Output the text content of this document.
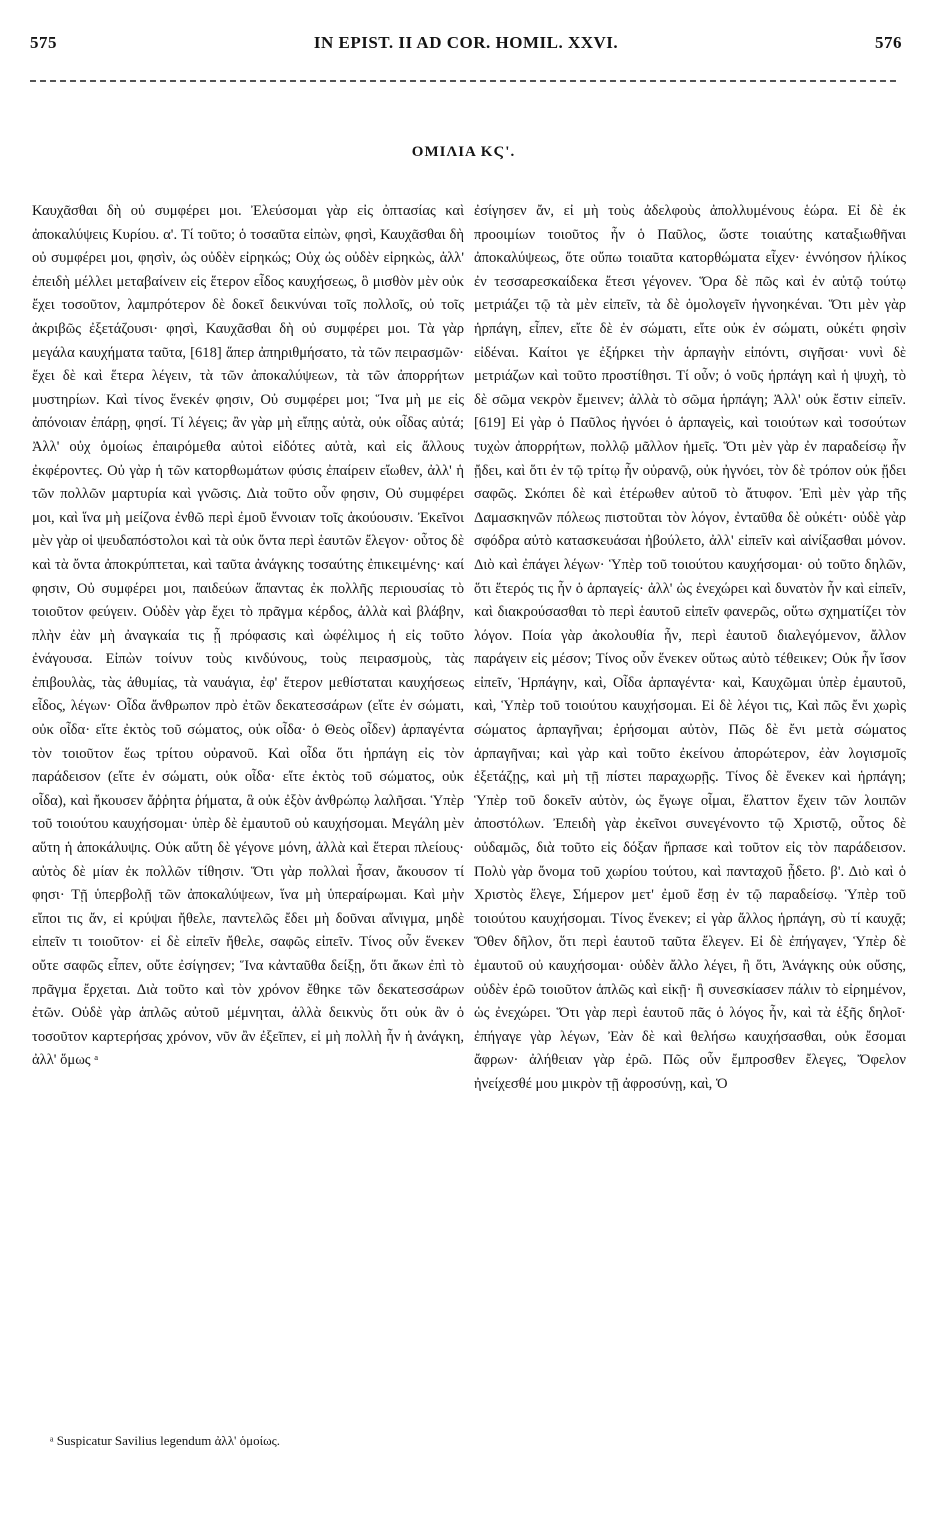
575	IN EPIST. II AD COR. HOMIL. XXVI.	576
ΟΜΙΛΙΑ ΚϚ'.

Καυχᾶσθαι δὴ οὐ συμφέρει μοι. Ἐλεύσομαι γὰρ εἰς ὀπτασίας καὶ ἀποκαλύψεις Κυρίου. α'. Τί τοῦτο; ὁ τοσαῦτα εἰπὼν, φησὶ, Καυχᾶσθαι δὴ οὐ συμφέρει μοι, φησὶν, ὡς οὐδὲν εἰρηκώς; Οὐχ ὡς οὐδὲν εἰρηκὼς, ἀλλ' ἐπειδὴ μέλλει μεταβαίνειν εἰς ἕτερον εἶδος καυχήσεως, ὃ μισθὸν μὲν οὐκ ἔχει τοσοῦτον, λαμπρότερον δὲ δοκεῖ δεικνύναι τοῖς πολλοῖς, οὐ τοῖς ἀκριβῶς ἐξετάζουσι· φησὶ, Καυχᾶσθαι δὴ οὐ συμφέρει μοι. Τὰ γὰρ μεγάλα καυχήματα ταῦτα, [618] ἅπερ ἀπηριθμήσατο, τὰ τῶν πειρασμῶν· ἔχει δὲ καὶ ἕτερα λέγειν, τὰ τῶν ἀποκαλύψεων, τὰ τῶν ἀπορρήτων μυστηρίων. Καὶ τίνος ἕνεκέν φησιν, Οὐ συμφέρει μοι; Ἵνα μὴ με εἰς ἀπόνοιαν ἐπάρῃ, φησί. Τί λέγεις; ἂν γὰρ μὴ εἴπῃς αὐτὰ, οὐκ οἶδας αὐτά; Ἀλλ' οὐχ ὁμοίως ἐπαιρόμεθα αὐτοὶ εἰδότες αὐτὰ, καὶ εἰς ἄλλους ἐκφέροντες. Οὐ γὰρ ἡ τῶν κατορθωμάτων φύσις ἐπαίρειν εἴωθεν, ἀλλ' ἡ τῶν πολλῶν μαρτυρία καὶ γνῶσις. Διὰ τοῦτο οὖν φησιν, Οὐ συμφέρει μοι, καὶ ἵνα μὴ μείζονα ἐνθῶ περὶ ἐμοῦ ἔννοιαν τοῖς ἀκούουσιν. Ἐκεῖνοι μὲν γὰρ οἱ ψευδαπόστολοι καὶ τὰ οὐκ ὄντα περὶ ἑαυτῶν ἔλεγον· οὗτος δὲ καὶ τὰ ὄντα ἀποκρύπτεται, καὶ ταῦτα ἀνάγκης τοσαύτης ἐπικειμένης· καί φησιν, Οὐ συμφέρει μοι, παιδεύων ἅπαντας ἐκ πολλῆς περιουσίας τὸ τοιοῦτον φεύγειν. Οὐδὲν γὰρ ἔχει τὸ πρᾶγμα κέρδος, ἀλλὰ καὶ βλάβην, πλὴν ἐὰν μὴ ἀναγκαία τις ᾖ πρόφασις καὶ ὠφέλιμος ἡ εἰς τοῦτο ἐνάγουσα. Εἰπὼν τοίνυν τοὺς κινδύνους, τοὺς πειρασμοὺς, τὰς ἐπιβουλὰς, τὰς ἀθυμίας, τὰ ναυάγια, ἐφ' ἕτερον μεθίσταται καυχήσεως εἶδος, λέγων· Οἶδα ἄνθρωπον πρὸ ἐτῶν δεκατεσσάρων (εἴτε ἐν σώματι, οὐκ οἶδα· εἴτε ἐκτὸς τοῦ σώματος, οὐκ οἶδα· ὁ Θεὸς οἶδεν) ἁρπαγέντα τὸν τοιοῦτον ἕως τρίτου οὐρανοῦ. Καὶ οἶδα ὅτι ἡρπάγη εἰς τὸν παράδεισον (εἴτε ἐν σώματι, οὐκ οἶδα· εἴτε ἐκτὸς τοῦ σώματος, οὐκ οἶδα), καὶ ἤκουσεν ἄῤῥητα ῥήματα, ἃ οὐκ ἐξὸν ἀνθρώπῳ λαλῆσαι. Ὑπὲρ τοῦ τοιούτου καυχήσομαι· ὑπὲρ δὲ ἐμαυτοῦ οὐ καυχήσομαι. Μεγάλη μὲν αὕτη ἡ ἀποκάλυψις. Οὐκ αὕτη δὲ γέγονε μόνη, ἀλλὰ καὶ ἕτεραι πλείους· αὐτὸς δὲ μίαν ἐκ πολλῶν τίθησιν. Ὅτι γὰρ πολλαὶ ἦσαν, ἄκουσον τί φησι· Τῇ ὑπερβολῇ τῶν ἀποκαλύψεων, ἵνα μὴ ὑπεραίρωμαι. Καὶ μὴν εἴποι τις ἄν, εἰ κρύψαι ἤθελε, παντελῶς ἔδει μὴ δοῦναι αἴνιγμα, μηδὲ εἰπεῖν τι τοιοῦτον· εἰ δὲ εἰπεῖν ἤθελε, σαφῶς εἰπεῖν. Τίνος οὖν ἕνεκεν οὔτε σαφῶς εἶπεν, οὔτε ἐσίγησεν; Ἵνα κἀνταῦθα δείξῃ, ὅτι ἄκων ἐπὶ τὸ πρᾶγμα ἔρχεται. Διὰ τοῦτο καὶ τὸν χρόνον ἔθηκε τῶν δεκατεσσάρων ἐτῶν. Οὐδὲ γὰρ ἁπλῶς αὐτοῦ μέμνηται, ἀλλὰ δεικνὺς ὅτι οὐκ ἂν ὁ τοσοῦτον καρτερήσας χρόνον, νῦν ἂν ἐξεῖπεν, εἰ μὴ πολλὴ ἦν ἡ ἀνάγκη, ἀλλ' ὅμως ᵃ

ἐσίγησεν ἄν, εἰ μὴ τοὺς ἀδελφοὺς ἀπολλυμένους ἑώρα. Εἰ δὲ ἐκ προοιμίων τοιοῦτος ἦν ὁ Παῦλος, ὥστε τοιαύτης καταξιωθῆναι ἀποκαλύψεως, ὅτε οὔπω τοιαῦτα κατορθώματα εἶχεν· ἐννόησον ἡλίκος ἐν τεσσαρεσκαίδεκα ἔτεσι γέγονεν. Ὅρα δὲ πῶς καὶ ἐν αὐτῷ τούτῳ μετριάζει τῷ τὰ μὲν εἰπεῖν, τὰ δὲ ὁμολογεῖν ἠγνοηκέναι. Ὅτι μὲν γὰρ ἡρπάγη, εἶπεν, εἴτε δὲ ἐν σώματι, εἴτε οὐκ ἐν σώματι, οὐκέτι φησὶν εἰδέναι. Καίτοι γε ἐξήρκει τὴν ἁρπαγὴν εἰπόντι, σιγῆσαι· νυνὶ δὲ μετριάζων καὶ τοῦτο προστίθησι. Τί οὖν; ὁ νοῦς ἡρπάγη καὶ ἡ ψυχὴ, τὸ δὲ σῶμα νεκρὸν ἔμεινεν; ἀλλὰ τὸ σῶμα ἡρπάγη; Ἀλλ' οὐκ ἔστιν εἰπεῖν. [619] Εἰ γὰρ ὁ Παῦλος ἠγνόει ὁ ἁρπαγεὶς, καὶ τοιούτων καὶ τοσούτων τυχὼν ἀπορρήτων, πολλῷ μᾶλλον ἡμεῖς. Ὅτι μὲν γὰρ ἐν παραδείσῳ ἦν ᾔδει, καὶ ὅτι ἐν τῷ τρίτῳ ἦν οὐρανῷ, οὐκ ἠγνόει, τὸν δὲ τρόπον οὐκ ᾔδει σαφῶς. Σκόπει δὲ καὶ ἑτέρωθεν αὐτοῦ τὸ ἄτυφον. Ἐπὶ μὲν γὰρ τῆς Δαμασκηνῶν πόλεως πιστοῦται τὸν λόγον, ἐνταῦθα δὲ οὐκέτι· οὐδὲ γὰρ σφόδρα αὐτὸ κατασκευάσαι ἠβούλετο, ἀλλ' εἰπεῖν καὶ αἰνίξασθαι μόνον. Διὸ καὶ ἐπάγει λέγων· Ὑπὲρ τοῦ τοιούτου καυχήσομαι· οὐ τοῦτο δηλῶν, ὅτι ἕτερός τις ἦν ὁ ἁρπαγείς· ἀλλ' ὡς ἐνεχώρει καὶ δυνατὸν ἦν καὶ εἰπεῖν, καὶ διακρούσασθαι τὸ περὶ ἑαυτοῦ εἰπεῖν φανερῶς, οὕτω σχηματίζει τὸν λόγον. Ποία γὰρ ἀκολουθία ἦν, περὶ ἑαυτοῦ διαλεγόμενον, ἄλλον παράγειν εἰς μέσον; Τίνος οὖν ἕνεκεν οὕτως αὐτὸ τέθεικεν; Οὐκ ἦν ἴσον εἰπεῖν, Ἡρπάγην, καὶ, Οἶδα ἁρπαγέντα· καὶ, Καυχῶμαι ὑπὲρ ἐμαυτοῦ, καὶ, Ὑπὲρ τοῦ τοιούτου καυχήσομαι. Εἰ δὲ λέγοι τις, Καὶ πῶς ἔνι χωρὶς σώματος ἁρπαγῆναι; ἐρήσομαι αὐτὸν, Πῶς δὲ ἔνι μετὰ σώματος ἁρπαγῆναι; καὶ γὰρ καὶ τοῦτο ἐκείνου ἀπορώτερον, ἐὰν λογισμοῖς ἐξετάζῃς, καὶ μὴ τῇ πίστει παραχωρῇς. Τίνος δὲ ἕνεκεν καὶ ἡρπάγη; Ὑπὲρ τοῦ δοκεῖν αὐτὸν, ὡς ἔγωγε οἶμαι, ἔλαττον ἔχειν τῶν λοιπῶν ἀποστόλων. Ἐπειδὴ γὰρ ἐκεῖνοι συνεγένοντο τῷ Χριστῷ, οὗτος δὲ οὐδαμῶς, διὰ τοῦτο εἰς δόξαν ἥρπασε καὶ τοῦτον εἰς τὸν παράδεισον. Πολὺ γὰρ ὄνομα τοῦ χωρίου τούτου, καὶ πανταχοῦ ᾖδετο. β'. Διὸ καὶ ὁ Χριστὸς ἔλεγε, Σήμερον μετ' ἐμοῦ ἔσῃ ἐν τῷ παραδείσῳ. Ὑπὲρ τοῦ τοιούτου καυχήσομαι. Τίνος ἕνεκεν; εἰ γὰρ ἄλλος ἡρπάγη, σὺ τί καυχᾷ; Ὅθεν δῆλον, ὅτι περὶ ἑαυτοῦ ταῦτα ἔλεγεν. Εἰ δὲ ἐπήγαγεν, Ὑπὲρ δὲ ἐμαυτοῦ οὐ καυχήσομαι· οὐδὲν ἄλλο λέγει, ἢ ὅτι, Ἀνάγκης οὐκ οὔσης, οὐδὲν ἐρῶ τοιοῦτον ἁπλῶς καὶ εἰκῇ· ἢ συνεσκίασεν πάλιν τὸ εἰρημένον, ὡς ἐνεχώρει. Ὅτι γὰρ περὶ ἑαυτοῦ πᾶς ὁ λόγος ἦν, καὶ τὰ ἑξῆς δηλοῖ· ἐπήγαγε γὰρ λέγων, Ἐὰν δὲ καὶ θελήσω καυχήσασθαι, οὐκ ἔσομαι ἄφρων· ἀλήθειαν γὰρ ἐρῶ. Πῶς οὖν ἔμπροσθεν ἔλεγες, Ὄφελον ἠνείχεσθέ μου μικρὸν τῇ ἀφροσύνῃ, καὶ, Ὁ

ᵃ Suspicatur Savilius legendum ἀλλ' ὁμοίως.
